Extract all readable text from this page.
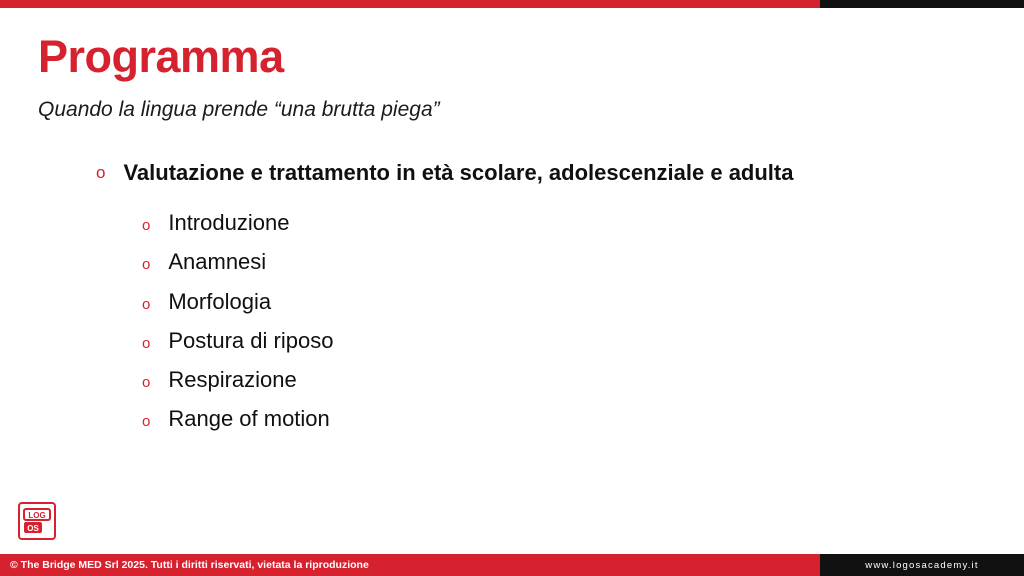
Programma
Quando la lingua prende “una brutta piega”
o Valutazione e trattamento in età scolare, adolescenziale e adulta
o Introduzione
o Anamnesi
o Morfologia
o Postura di riposo
o Respirazione
o Range of motion
LOG
OS
© The Bridge MED Srl 2025. Tutti i diritti riservati, vietata la riproduzione	www.logosacademy.it
